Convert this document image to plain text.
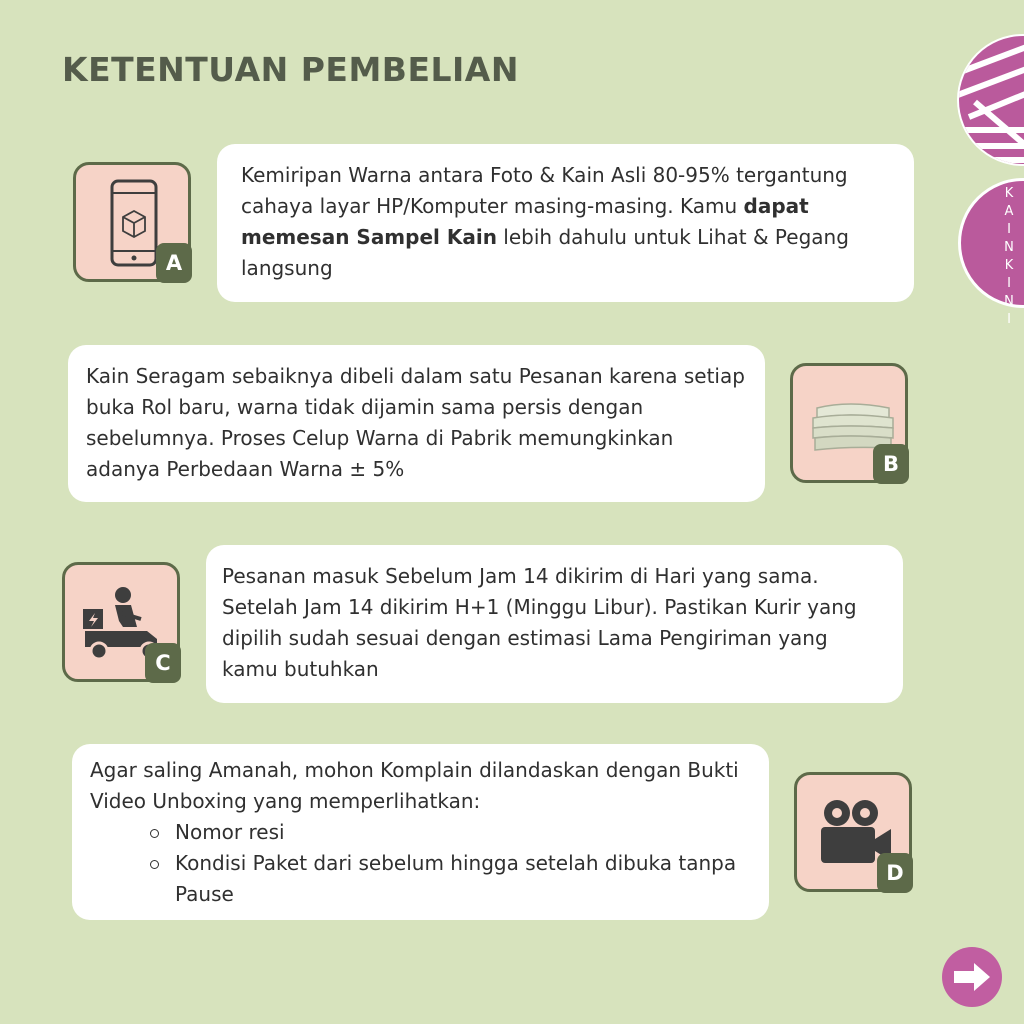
KETENTUAN PEMBELIAN
K
A
I
N
K
I
N
I
A
Kemiripan Warna antara Foto & Kain Asli 80-95% tergantung cahaya layar HP/Komputer masing-masing. Kamu dapat memesan Sampel Kain lebih dahulu untuk Lihat & Pegang langsung
Kain Seragam sebaiknya dibeli dalam satu Pesanan karena setiap buka Rol baru, warna tidak dijamin sama persis dengan sebelumnya. Proses Celup Warna di Pabrik memungkinkan adanya Perbedaan Warna ± 5%	B
C
Pesanan masuk Sebelum Jam 14 dikirim di Hari yang sama. Setelah Jam 14 dikirim H+1 (Minggu Libur). Pastikan Kurir yang dipilih sudah sesuai dengan estimasi Lama Pengiriman yang kamu butuhkan
Agar saling Amanah, mohon Komplain dilandaskan dengan Bukti Video Unboxing yang memperlihatkan:
Nomor resi
Kondisi Paket dari sebelum hingga setelah dibuka tanpa Pause
D
